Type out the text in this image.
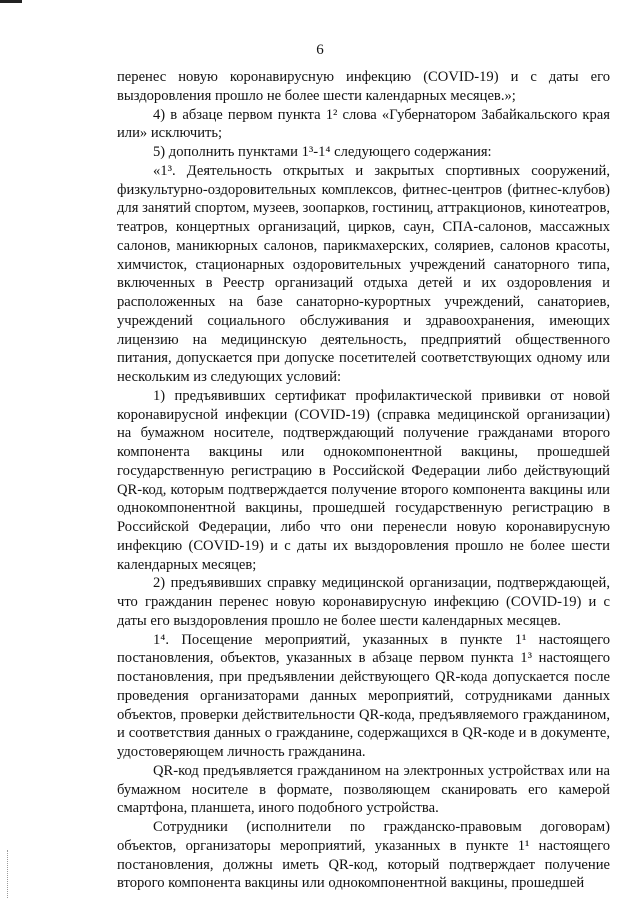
6

перенес новую коронавирусную инфекцию (COVID-19) и с даты его выздоровления прошло не более шести календарных месяцев.»;

4) в абзаце первом пункта 1² слова «Губернатором Забайкальского края или» исключить;

5) дополнить пунктами 1³-1⁴ следующего содержания:

«1³. Деятельность открытых и закрытых спортивных сооружений, физкультурно-оздоровительных комплексов, фитнес-центров (фитнес-клубов) для занятий спортом, музеев, зоопарков, гостиниц, аттракционов, кинотеатров, театров, концертных организаций, цирков, саун, СПА-салонов, массажных салонов, маникюрных салонов, парикмахерских, соляриев, салонов красоты, химчисток, стационарных оздоровительных учреждений санаторного типа, включенных в Реестр организаций отдыха детей и их оздоровления и расположенных на базе санаторно-курортных учреждений, санаториев, учреждений социального обслуживания и здравоохранения, имеющих лицензию на медицинскую деятельность, предприятий общественного питания, допускается при допуске посетителей соответствующих одному или нескольким из следующих условий:

1) предъявивших сертификат профилактической прививки от новой коронавирусной инфекции (COVID-19) (справка медицинской организации) на бумажном носителе, подтверждающий получение гражданами второго компонента вакцины или однокомпонентной вакцины, прошедшей государственную регистрацию в Российской Федерации либо действующий QR-код, которым подтверждается получение второго компонента вакцины или однокомпонентной вакцины, прошедшей государственную регистрацию в Российской Федерации, либо что они перенесли новую коронавирусную инфекцию (COVID-19) и с даты их выздоровления прошло не более шести календарных месяцев;

2) предъявивших справку медицинской организации, подтверждающей, что гражданин перенес новую коронавирусную инфекцию (COVID-19) и с даты его выздоровления прошло не более шести календарных месяцев.

1⁴. Посещение мероприятий, указанных в пункте 1¹ настоящего постановления, объектов, указанных в абзаце первом пункта 1³ настоящего постановления, при предъявлении действующего QR-кода допускается после проведения организаторами данных мероприятий, сотрудниками данных объектов, проверки действительности QR-кода, предъявляемого гражданином, и соответствия данных о гражданине, содержащихся в QR-коде и в документе, удостоверяющем личность гражданина.

QR-код предъявляется гражданином на электронных устройствах или на бумажном носителе в формате, позволяющем сканировать его камерой смартфона, планшета, иного подобного устройства.

Сотрудники (исполнители по гражданско-правовым договорам) объектов, организаторы мероприятий, указанных в пункте 1¹ настоящего постановления, должны иметь QR-код, который подтверждает получение второго компонента вакцины или однокомпонентной вакцины, прошедшей
